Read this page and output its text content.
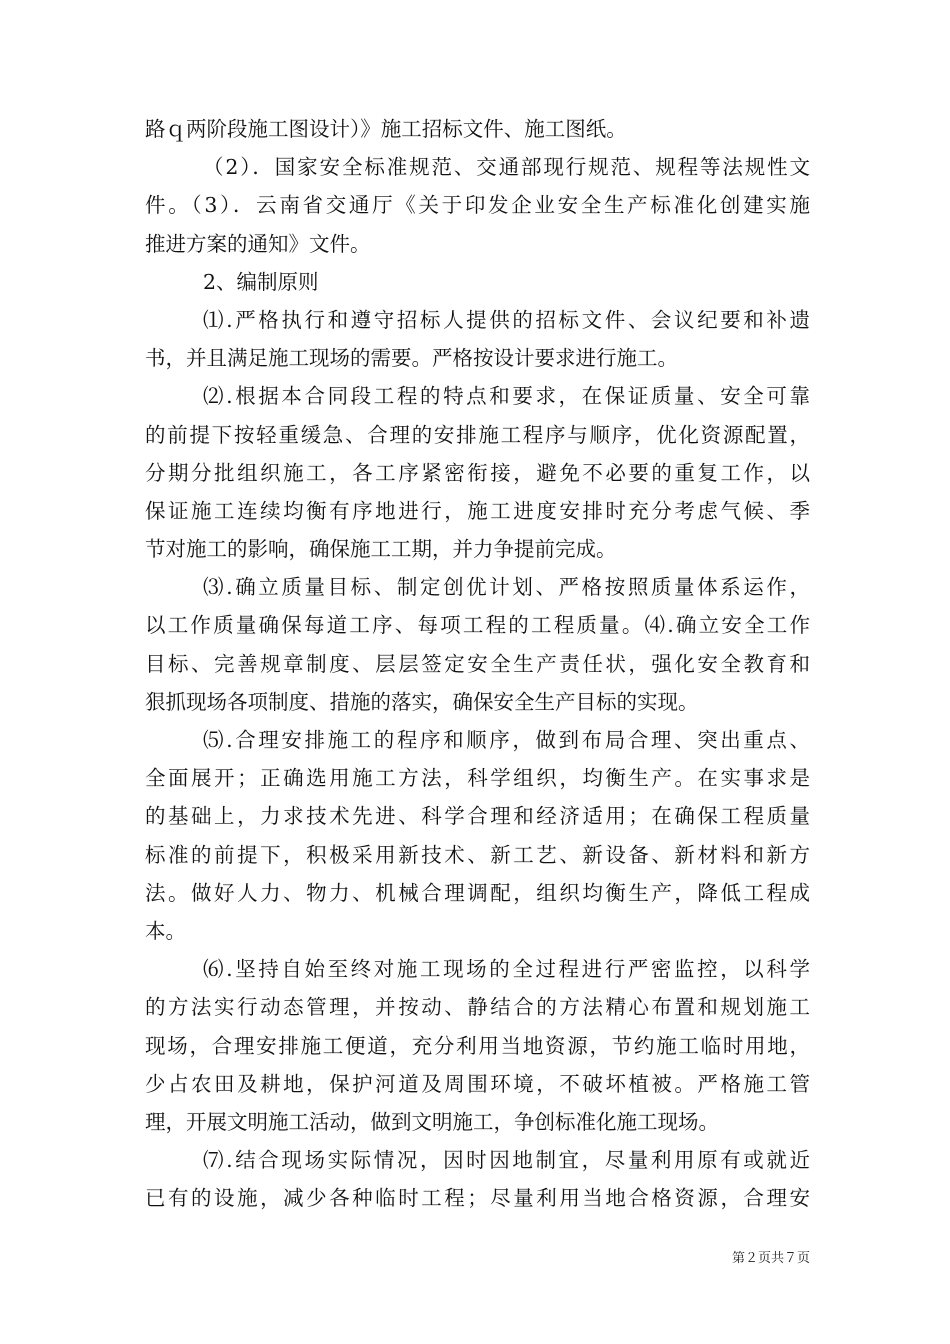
路ｑ两阶段施工图设计）》施工招标文件、施工图纸。
（2）．国家安全标准规范、交通部现行规范、规程等法规性文
件。（3）．云南省交通厅《关于印发企业安全生产标准化创建实施
推进方案的通知》文件。
2、编制原则
⑴.严格执行和遵守招标人提供的招标文件、会议纪要和补遗
书，并且满足施工现场的需要。严格按设计要求进行施工。
⑵.根据本合同段工程的特点和要求，在保证质量、安全可靠
的前提下按轻重缓急、合理的安排施工程序与顺序，优化资源配置，
分期分批组织施工，各工序紧密衔接，避免不必要的重复工作，以
保证施工连续均衡有序地进行，施工进度安排时充分考虑气候、季
节对施工的影响，确保施工工期，并力争提前完成。
⑶.确立质量目标、制定创优计划、严格按照质量体系运作，
以工作质量确保每道工序、每项工程的工程质量。⑷.确立安全工作
目标、完善规章制度、层层签定安全生产责任状，强化安全教育和
狠抓现场各项制度、措施的落实，确保安全生产目标的实现。
⑸.合理安排施工的程序和顺序，做到布局合理、突出重点、
全面展开；正确选用施工方法，科学组织，均衡生产。在实事求是
的基础上，力求技术先进、科学合理和经济适用；在确保工程质量
标准的前提下，积极采用新技术、新工艺、新设备、新材料和新方
法。做好人力、物力、机械合理调配，组织均衡生产，降低工程成
本。
⑹.坚持自始至终对施工现场的全过程进行严密监控，以科学
的方法实行动态管理，并按动、静结合的方法精心布置和规划施工
现场，合理安排施工便道，充分利用当地资源，节约施工临时用地，
少占农田及耕地，保护河道及周围环境，不破坏植被。严格施工管
理，开展文明施工活动，做到文明施工，争创标准化施工现场。
⑺.结合现场实际情况，因时因地制宜，尽量利用原有或就近
已有的设施，减少各种临时工程；尽量利用当地合格资源，合理安
第２页共７页
